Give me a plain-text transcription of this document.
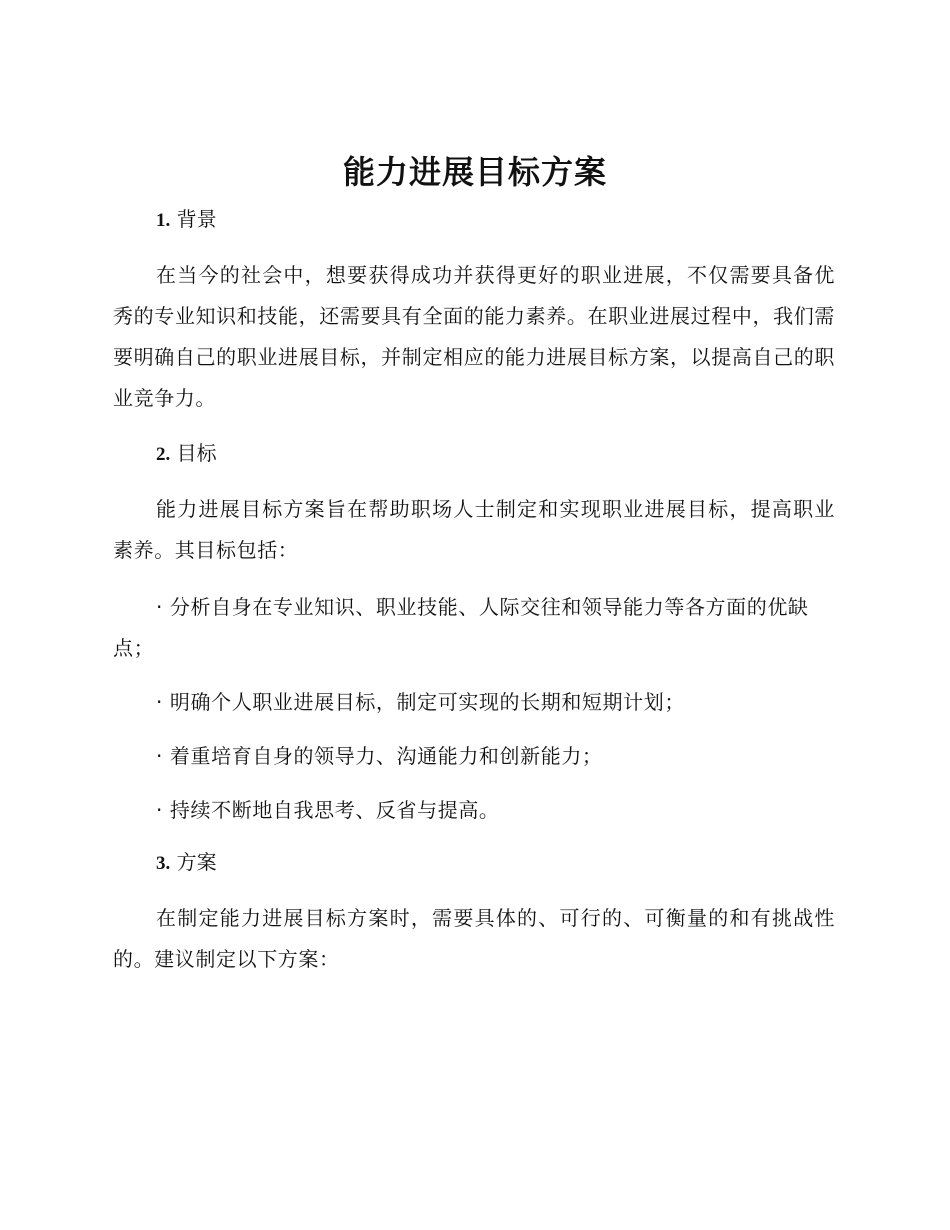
能力进展目标方案
1. 背景

在当今的社会中，想要获得成功并获得更好的职业进展，不仅需要具备优秀的专业知识和技能，还需要具有全面的能力素养。在职业进展过程中，我们需要明确自己的职业进展目标，并制定相应的能力进展目标方案，以提高自己的职业竞争力。

2. 目标

能力进展目标方案旨在帮助职场人士制定和实现职业进展目标，提高职业素养。其目标包括：

· 分析自身在专业知识、职业技能、人际交往和领导能力等各方面的优缺点；

· 明确个人职业进展目标，制定可实现的长期和短期计划；

· 着重培育自身的领导力、沟通能力和创新能力；

· 持续不断地自我思考、反省与提高。

3. 方案

在制定能力进展目标方案时，需要具体的、可行的、可衡量的和有挑战性的。建议制定以下方案：
